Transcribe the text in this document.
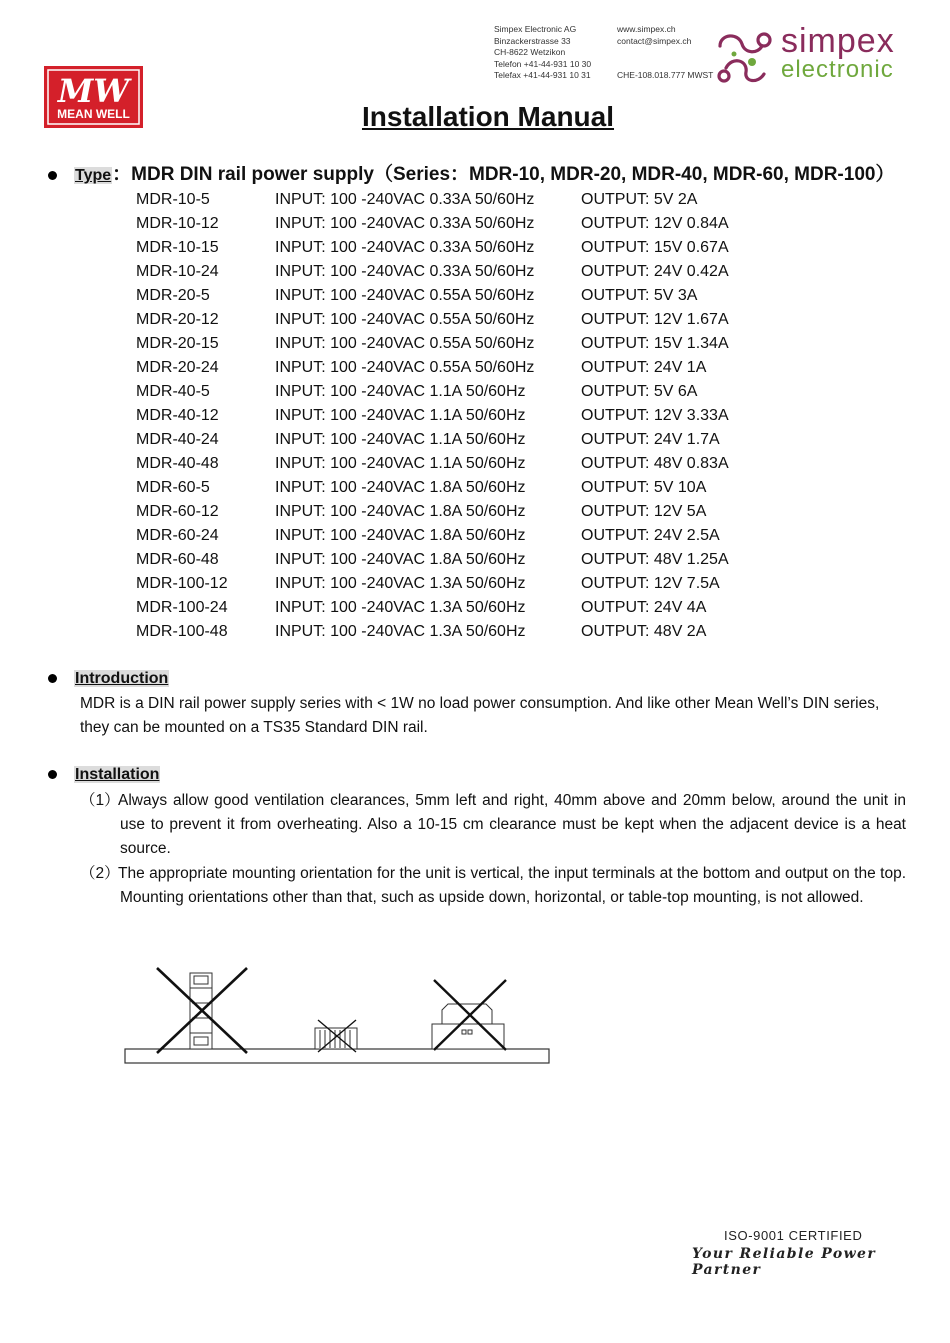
MW
MEAN WELL
Simpex Electronic AG
Binzackerstrasse 33
CH-8622 Wetzikon
Telefon +41-44-931 10 30
Telefax +41-44-931 10 31
www.simpex.ch
contact@simpex.ch
CHE-108.018.777 MWST
simpex
electronic
Installation Manual
Type：MDR DIN rail power supply（Series：MDR-10, MDR-20, MDR-40, MDR-60, MDR-100）
MDR-10-5	INPUT: 100 -240VAC 0.33A 50/60Hz	OUTPUT: 5V 2A
MDR-10-12	INPUT: 100 -240VAC 0.33A 50/60Hz	OUTPUT: 12V 0.84A
MDR-10-15	INPUT: 100 -240VAC 0.33A 50/60Hz	OUTPUT: 15V 0.67A
MDR-10-24	INPUT: 100 -240VAC 0.33A 50/60Hz	OUTPUT: 24V 0.42A
MDR-20-5	INPUT: 100 -240VAC 0.55A 50/60Hz	OUTPUT: 5V 3A
MDR-20-12	INPUT: 100 -240VAC 0.55A 50/60Hz	OUTPUT: 12V 1.67A
MDR-20-15	INPUT: 100 -240VAC 0.55A 50/60Hz	OUTPUT: 15V 1.34A
MDR-20-24	INPUT: 100 -240VAC 0.55A 50/60Hz	OUTPUT: 24V 1A
MDR-40-5	INPUT: 100 -240VAC 1.1A 50/60Hz	OUTPUT: 5V 6A
MDR-40-12	INPUT: 100 -240VAC 1.1A 50/60Hz	OUTPUT: 12V 3.33A
MDR-40-24	INPUT: 100 -240VAC 1.1A 50/60Hz	OUTPUT: 24V 1.7A
MDR-40-48	INPUT: 100 -240VAC 1.1A 50/60Hz	OUTPUT: 48V 0.83A
MDR-60-5	INPUT: 100 -240VAC 1.8A 50/60Hz	OUTPUT: 5V 10A
MDR-60-12	INPUT: 100 -240VAC 1.8A 50/60Hz	OUTPUT: 12V 5A
MDR-60-24	INPUT: 100 -240VAC 1.8A 50/60Hz	OUTPUT: 24V 2.5A
MDR-60-48	INPUT: 100 -240VAC 1.8A 50/60Hz	OUTPUT: 48V 1.25A
MDR-100-12	INPUT: 100 -240VAC 1.3A 50/60Hz	OUTPUT: 12V 7.5A
MDR-100-24	INPUT: 100 -240VAC 1.3A 50/60Hz	OUTPUT: 24V 4A
MDR-100-48	INPUT: 100 -240VAC 1.3A 50/60Hz	OUTPUT: 48V 2A
Introduction
MDR is a DIN rail power supply series with < 1W no load power consumption. And like other Mean Well’s DIN series, they can be mounted on a TS35 Standard DIN rail.
Installation
（1）
Always allow good ventilation clearances, 5mm left and right, 40mm above and 20mm below, around the unit in use to prevent it from overheating. Also a 10-15 cm clearance must be kept when the adjacent device is a heat source.
（2）
The appropriate mounting orientation for the unit is vertical, the input terminals at the bottom and output on the top. Mounting orientations other than that, such as upside down, horizontal, or table-top mounting, is not allowed.
ISO-9001 CERTIFIED
Your Reliable Power Partner
